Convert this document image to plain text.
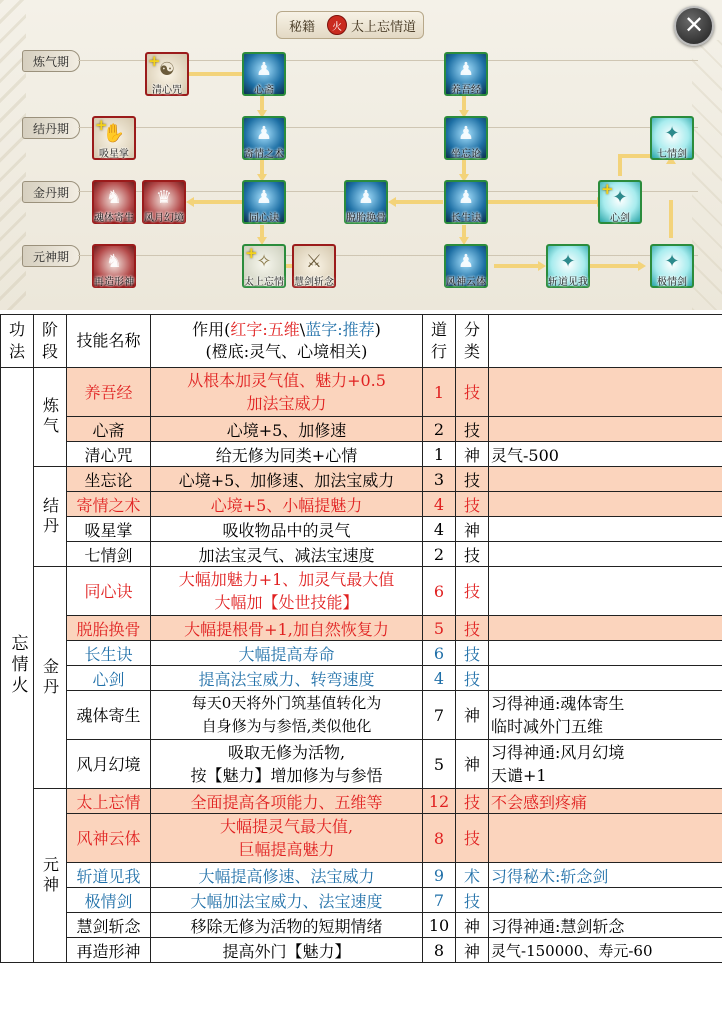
秘籍	火 太上忘情道	✕
炼气期
结丹期
金丹期
元神期
☯
+
清心咒
♟
心斋
♟
养吾经
✋
+
吸星掌
♟
寄情之术
♟
坐忘论
✦
七情剑
♞
魂体寄生
♛
风月幻境
♟
同心诀
♟
脱胎换骨
♟
长生诀
✦
+
心剑
♞
再造形神
✧
+
太上忘情
⚔
慧剑斩念
♟
风神云体
✦
斩道见我
✦
极情剑
功法	阶段	技能名称	作用(红字:五维\蓝字:推荐)
(橙底:灵气、心境相关)	道行	分类	
忘情火	炼气	养吾经	从根本加灵气值、魅力+0.5
加法宝威力	1	技	
		心斋	心境+5、加修速	2	技	
		清心咒	给无修为同类+心情	1	神	灵气-500
	结丹	坐忘论	心境+5、加修速、加法宝威力	3	技	
		寄情之术	心境+5、小幅提魅力	4	技	
		吸星掌	吸收物品中的灵气	4	神	
		七情剑	加法宝灵气、减法宝速度	2	技	
	金丹	同心诀	大幅加魅力+1、加灵气最大值
大幅加【处世技能】	6	技	
		脱胎换骨	大幅提根骨+1,加自然恢复力	5	技	
		长生诀	大幅提高寿命	6	技	
		心剑	提高法宝威力、转弯速度	4	技	
		魂体寄生	每天0天将外门筑基值转化为
自身修为与参悟,类似他化	7	神	习得神通:魂体寄生
临时减外门五维
		风月幻境	吸取无修为活物,
按【魅力】增加修为与参悟	5	神	习得神通:风月幻境
天谴+1
	元神	太上忘情	全面提高各项能力、五维等	12	技	不会感到疼痛
		风神云体	大幅提灵气最大值,
巨幅提高魅力	8	技	
		斩道见我	大幅提高修速、法宝威力	9	术	习得秘术:斩念剑
		极情剑	大幅加法宝威力、法宝速度	7	技	
		慧剑斩念	移除无修为活物的短期情绪	10	神	习得神通:慧剑斩念
		再造形神	提高外门【魅力】	8	神	灵气-150000、寿元-60
